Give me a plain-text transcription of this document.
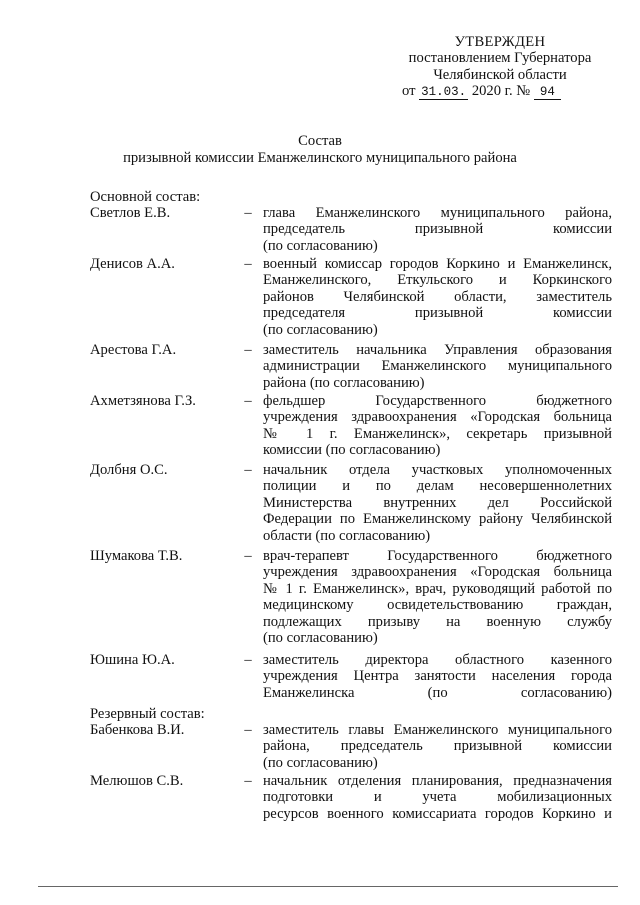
УТВЕРЖДЕН
постановлением Губернатора
Челябинской области
от 31.03. 2020 г. № 94
Состав
призывной комиссии Еманжелинского муниципального района
Основной состав:
Светлов Е.В.	– глава Еманжелинского муниципального района,
председатель призывной комиссии
(по согласованию)
Денисов А.А.	– военный комиссар городов Коркино и Еманжелинск,
Еманжелинского, Еткульского и Коркинского
районов Челябинской области, заместитель
председателя призывной комиссии
(по согласованию)
Арестова Г.А.	– заместитель начальника Управления образования
администрации Еманжелинского муниципального
района (по согласованию)
Ахметзянова Г.З.	– фельдшер Государственного бюджетного
учреждения здравоохранения «Городская больница
№ 1 г. Еманжелинск», секретарь призывной
комиссии (по согласованию)
Долбня О.С.	– начальник отдела участковых уполномоченных
полиции и по делам несовершеннолетних
Министерства внутренних дел Российской
Федерации по Еманжелинскому району Челябинской
области (по согласованию)
Шумакова Т.В.	– врач-терапевт Государственного бюджетного
учреждения здравоохранения «Городская больница
№ 1 г. Еманжелинск», врач, руководящий работой по
медицинскому освидетельствованию граждан,
подлежащих призыву на военную службу
(по согласованию)
Юшина Ю.А.	– заместитель директора областного казенного
учреждения Центра занятости населения города
Еманжелинска (по согласованию)
Резервный состав:
Бабенкова В.И.	– заместитель главы Еманжелинского муниципального
района, председатель призывной комиссии
(по согласованию)
Мелюшов С.В.	– начальник отделения планирования, предназначения
подготовки и учета мобилизационных
ресурсов военного комиссариата городов Коркино и
